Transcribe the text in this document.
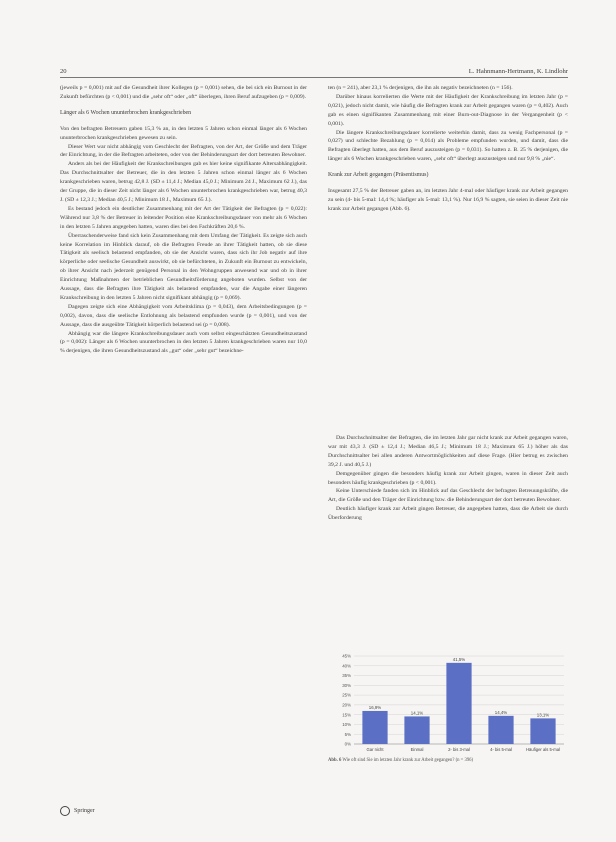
20	L. Hahnmann-Hertmann, K. Lindlohr

(jeweils p = 0,001) mit auf die Gesundheit ihrer Kollegen (p = 0,001) sehen, die bei sich ein Burnout in der Zukunft befürchten (p < 0,001) und die „sehr oft“ oder „oft“ überlegen, ihren Beruf aufzugeben (p = 0,009).

Länger als 6 Wochen ununterbrochen krankgeschrieben

Von den befragten Betreuern gaben 15,3 % an, in den letzten 5 Jahren schon einmal länger als 6 Wochen ununterbrochen krankgeschrieben gewesen zu sein.

Dieser Wert war nicht abhängig vom Geschlecht der Befragten, von der Art, der Größe und dem Träger der Einrichtung, in der die Befragten arbeiteten, oder von der Behinderungsart der dort betreuten Bewohner.

Anders als bei der Häufigkeit der Krankschreibungen gab es hier keine signifikante Altersabhängigkeit. Das Durchschnittsalter der Betreuer, die in den letzten 5 Jahren schon einmal länger als 6 Wochen krankgeschrieben waren, betrug 42,8 J. (SD ± 11,4 J.; Median 45,0 J.; Minimum 24 J., Maximum 62 J.), das der Gruppe, die in dieser Zeit nicht länger als 6 Wochen ununterbrochen krankgeschrieben war, betrug 40,3 J. (SD ± 12,3 J.; Median 40,5 J.; Minimum 18 J., Maximum 65 J.).

Es bestand jedoch ein deutlicher Zusammenhang mit der Art der Tätigkeit der Befragten (p = 0,022): Während nur 3,8 % der Betreuer in leitender Position eine Krankschreibungsdauer von mehr als 6 Wochen in den letzten 5 Jahren angegeben hatten, waren dies bei den Fachkräften 20,6 %.

Überraschenderweise fand sich kein Zusammenhang mit dem Umfang der Tätigkeit. Es zeigte sich auch keine Korrelation im Hinblick darauf, ob die Befragten Freude an ihrer Tätigkeit hatten, ob sie diese Tätigkeit als seelisch belastend empfanden, ob sie der Ansicht waren, dass sich ihr Job negativ auf ihre körperliche oder seelische Gesundheit auswirkt, ob sie befürchteten, in Zukunft ein Burnout zu entwickeln, ob ihrer Ansicht nach jederzeit genügend Personal in den Wohngruppen anwesend war und ob in ihrer Einrichtung Maßnahmen der betrieblichen Gesundheitsförderung angeboten wurden. Selbst von der Aussage, dass die Befragten ihre Tätigkeit als belastend empfanden, war die Angabe einer längeren Krankschreibung in den letzten 5 Jahren nicht signifikant abhängig (p = 0,069).

Dagegen zeigte sich eine Abhängigkeit vom Arbeitsklima (p = 0,043), dem Arbeitsbedingungen (p = 0,002), davon, dass die seelische Entlohnung als belastend empfunden wurde (p = 0,001), und von der Aussage, dass die ausgeübte Tätigkeit körperlich belastend sei (p = 0,008).

Abhängig war die längere Krankschreibungsdauer auch vom selbst eingeschätzten Gesundheitszustand (p = 0,002): Länger als 6 Wochen ununterbrochen in den letzten 5 Jahren krankgeschrieben waren nur 10,0 % derjenigen, die ihren Gesundheitszustand als „gut“ oder „sehr gut“ bezeichne-

ten (n = 241), aber 23,1 % derjenigen, die ihn als negativ bezeichneten (n = 156).

Darüber hinaus korrelierten die Werte mit der Häufigkeit der Krankschreibung im letzten Jahr (p = 0,021), jedoch nicht damit, wie häufig die Befragten krank zur Arbeit gegangen waren (p = 0,402). Auch gab es einen signifikanten Zusammenhang mit einer Burn-out-Diagnose in der Vergangenheit (p < 0,001).

Die längere Krankschreibungsdauer korrelierte weiterhin damit, dass zu wenig Fachpersonal (p = 0,027) und schlechte Bezahlung (p = 0,014) als Probleme empfunden wurden, und damit, dass die Befragten überlegt hatten, aus dem Beruf auszusteigen (p = 0,031). So hatten z. B. 25 % derjenigen, die länger als 6 Wochen krankgeschrieben waren, „sehr oft“ überlegt auszusteigen und nur 9,8 % „nie“.

Krank zur Arbeit gegangen (Präsentismus)

Insgesamt 27,5 % der Betreuer gaben an, im letzten Jahr 4-mal oder häufiger krank zur Arbeit gegangen zu sein (4- bis 5-mal: 14,4 %; häufiger als 5-mal: 13,1 %). Nur 16,9 % sagten, sie seien in dieser Zeit nie krank zur Arbeit gegangen (Abb. 6).

Das Durchschnittsalter der Befragten, die im letzten Jahr gar nicht krank zur Arbeit gegangen waren, war mit 43,3 J. (SD ± 12,4 J.; Median 46,5 J.; Minimum 18 J.; Maximum 65 J.) höher als das Durchschnittsalter bei allen anderen Antwortmöglichkeiten auf diese Frage. (Hier betrug es zwischen 39,2 J. und 40,5 J.)

Demgegenüber gingen die besonders häufig krank zur Arbeit gingen, waren in dieser Zeit auch besonders häufig krankgeschrieben (p < 0,001).

Keine Unterschiede fanden sich im Hinblick auf das Geschlecht der befragten Betreuungskräfte, die Art, die Größe und den Träger der Einrichtung bzw. die Behinderungsart der dort betreuten Bewohner.

Deutlich häufiger krank zur Arbeit gingen Betreuer, die angegeben hatten, dass die Arbeit sie durch Überforderung

0%
5%
10%
15%
20%
25%
30%
35%
40%
45%
16,9%
Gar nicht
14,1%
Einmal
41,5%
2- bis 3-mal
14,4%
4- bis 5-mal
13,1%
Häufiger als 5-mal
Abb. 6 Wie oft sind Sie im letzten Jahr krank zur Arbeit gegangen? (n = 396)
Springer
